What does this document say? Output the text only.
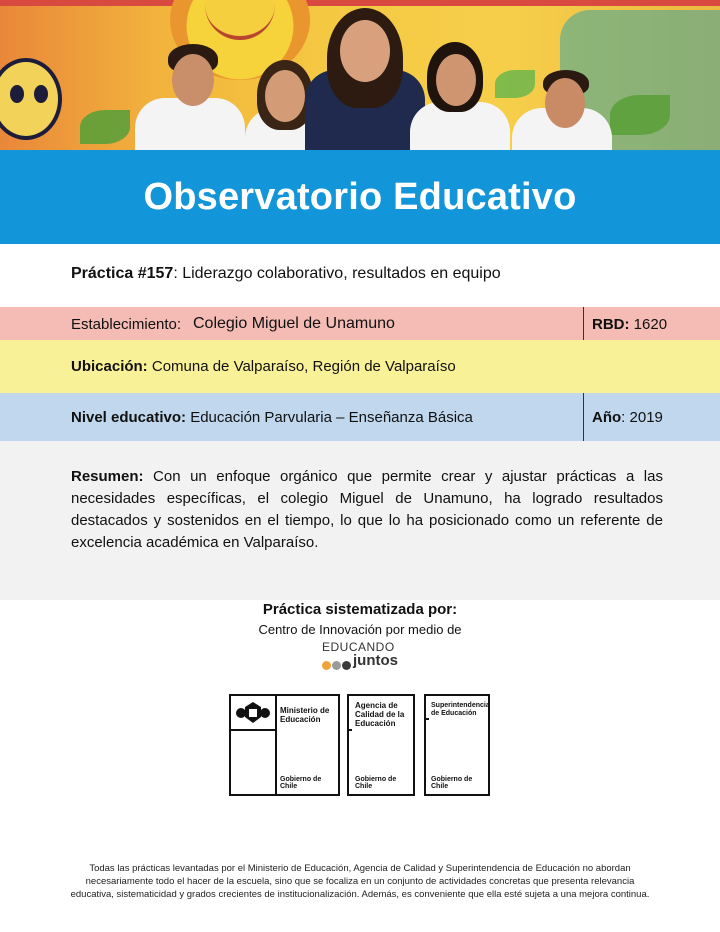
Observatorio Educativo
Práctica #157: Liderazgo colaborativo, resultados en equipo
Establecimiento: Colegio Miguel de Unamuno	RBD: 1620
Ubicación: Comuna de Valparaíso, Región de Valparaíso
Nivel educativo: Educación Parvularia – Enseñanza Básica	Año: 2019

Resumen: Con un enfoque orgánico que permite crear y ajustar prácticas a las necesidades específicas, el colegio Miguel de Unamuno, ha logrado resultados destacados y sostenidos en el tiempo, lo que lo ha posicionado como un referente de excelencia académica en Valparaíso.

Práctica sistematizada por:
Centro de Innovación por medio de
EDUCANDO
juntos
Ministerio de
Educación
Gobierno de Chile
Agencia de
Calidad de la
Educación
Gobierno de Chile
Superintendencia
de Educación
Gobierno de Chile
Todas las prácticas levantadas por el Ministerio de Educación, Agencia de Calidad y Superintendencia de Educación no abordan
necesariamente todo el hacer de la escuela, sino que se focaliza en un conjunto de actividades concretas que presenta relevancia
educativa, sistematicidad y grados crecientes de institucionalización. Además, es conveniente que ella esté sujeta a una mejora continua.
